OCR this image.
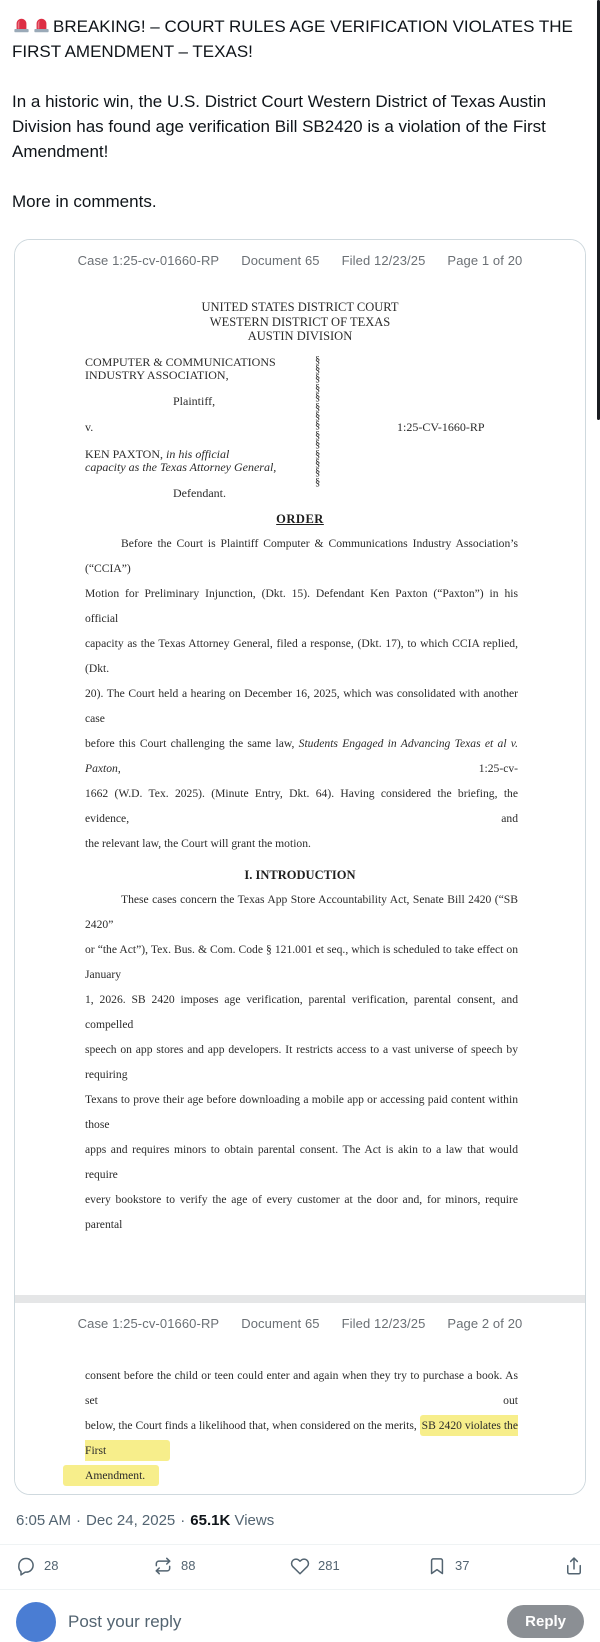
BREAKING! – COURT RULES AGE VERIFICATION VIOLATES THE
FIRST AMENDMENT – TEXAS!

In a historic win, the U.S. District Court Western District of Texas Austin Division has found age verification Bill SB2420 is a violation of the First Amendment!

More in comments.

Case 1:25-cv-01660-RP Document 65 Filed 12/23/25 Page 1 of 20
UNITED STATES DISTRICT COURT
WESTERN DISTRICT OF TEXAS
AUSTIN DIVISION
COMPUTER & COMMUNICATIONS
INDUSTRY ASSOCIATION,
Plaintiff,
v.
KEN PAXTON, in his official
capacity as the Texas Attorney General,
Defendant.
§
§
§
§
§
§
§
§
§
§
§
§
§
§
1:25-CV-1660-RP
ORDER
Before the Court is Plaintiff Computer & Communications Industry Association’s (“CCIA”)
Motion for Preliminary Injunction, (Dkt. 15). Defendant Ken Paxton (“Paxton”) in his official
capacity as the Texas Attorney General, filed a response, (Dkt. 17), to which CCIA replied, (Dkt.
20). The Court held a hearing on December 16, 2025, which was consolidated with another case
before this Court challenging the same law, Students Engaged in Advancing Texas et al v. Paxton, 1:25-cv-
1662 (W.D. Tex. 2025). (Minute Entry, Dkt. 64). Having considered the briefing, the evidence, and
the relevant law, the Court will grant the motion.
I. INTRODUCTION
These cases concern the Texas App Store Accountability Act, Senate Bill 2420 (“SB 2420”
or “the Act”), Tex. Bus. & Com. Code § 121.001 et seq., which is scheduled to take effect on January
1, 2026. SB 2420 imposes age verification, parental verification, parental consent, and compelled
speech on app stores and app developers. It restricts access to a vast universe of speech by requiring
Texans to prove their age before downloading a mobile app or accessing paid content within those
apps and requires minors to obtain parental consent. The Act is akin to a law that would require
every bookstore to verify the age of every customer at the door and, for minors, require parental
Case 1:25-cv-01660-RP Document 65 Filed 12/23/25 Page 2 of 20
consent before the child or teen could enter and again when they try to purchase a book. As set out
below, the Court finds a likelihood that, when considered on the merits, SB 2420 violates the First
Amendment.
6:05 AM · Dec 24, 2025 · 65.1K Views
28	88	281	37
Post your reply	Reply
